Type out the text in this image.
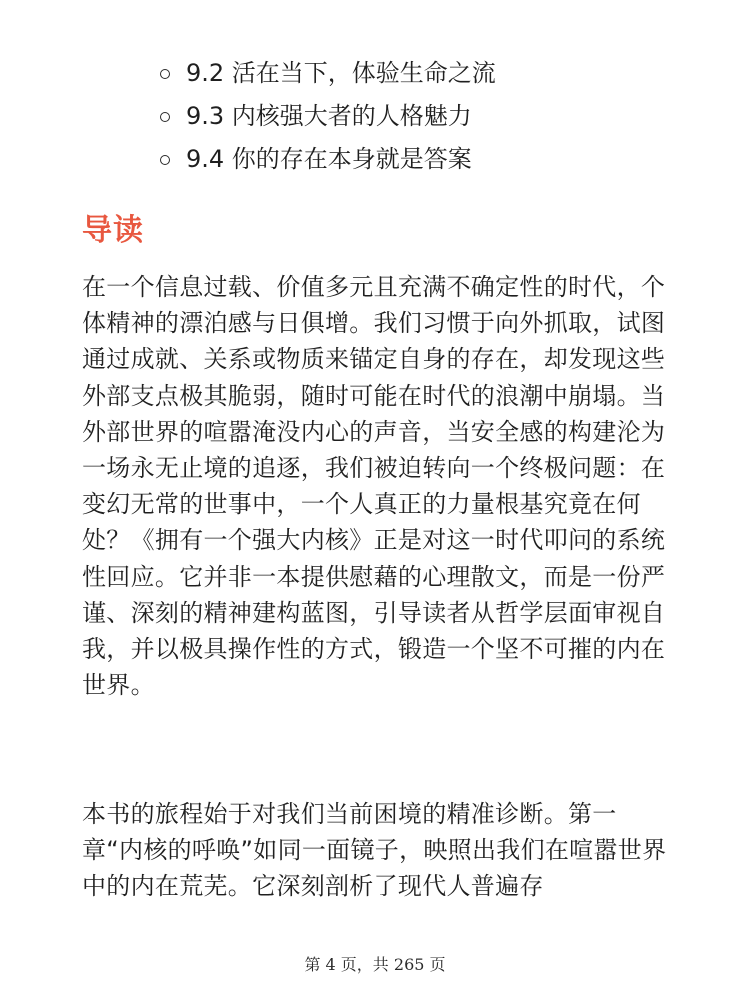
9.2 活在当下，体验生命之流
9.3 内核强大者的人格魅力
9.4 你的存在本身就是答案
导读

在一个信息过载、价值多元且充满不确定性的时代，个体精神的漂泊感与日俱增。我们习惯于向外抓取，试图通过成就、关系或物质来锚定自身的存在，却发现这些外部支点极其脆弱，随时可能在时代的浪潮中崩塌。当外部世界的喧嚣淹没内心的声音，当安全感的构建沦为一场永无止境的追逐，我们被迫转向一个终极问题：在变幻无常的世事中，一个人真正的力量根基究竟在何处？《拥有一个强大内核》正是对这一时代叩问的系统性回应。它并非一本提供慰藉的心理散文，而是一份严谨、深刻的精神建构蓝图，引导读者从哲学层面审视自我，并以极具操作性的方式，锻造一个坚不可摧的内在世界。

本书的旅程始于对我们当前困境的精准诊断。第一章“内核的呼唤”如同一面镜子，映照出我们在喧嚣世界中的内在荒芜。它深刻剖析了现代人普遍存

第 4 页，共 265 页
